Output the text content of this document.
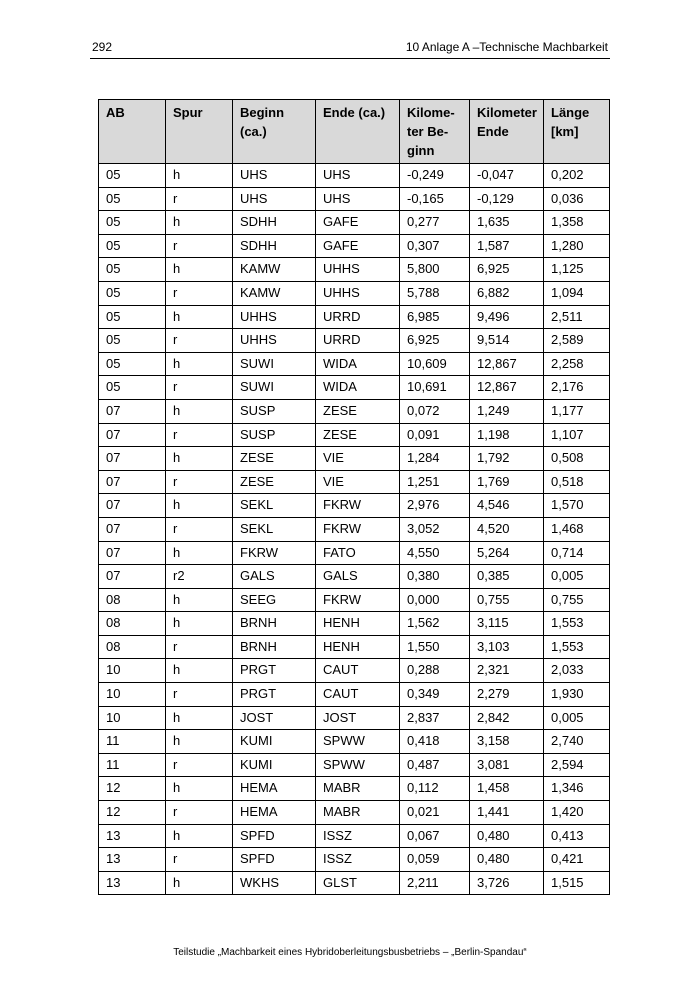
292	10 Anlage A –Technische Machbarkeit
AB	Spur	Beginn (ca.)	Ende (ca.)	Kilome-ter Be-ginn	Kilometer Ende	Länge [km]
05	h	UHS	UHS	-0,249	-0,047	0,202
05	r	UHS	UHS	-0,165	-0,129	0,036
05	h	SDHH	GAFE	0,277	1,635	1,358
05	r	SDHH	GAFE	0,307	1,587	1,280
05	h	KAMW	UHHS	5,800	6,925	1,125
05	r	KAMW	UHHS	5,788	6,882	1,094
05	h	UHHS	URRD	6,985	9,496	2,511
05	r	UHHS	URRD	6,925	9,514	2,589
05	h	SUWI	WIDA	10,609	12,867	2,258
05	r	SUWI	WIDA	10,691	12,867	2,176
07	h	SUSP	ZESE	0,072	1,249	1,177
07	r	SUSP	ZESE	0,091	1,198	1,107
07	h	ZESE	VIE	1,284	1,792	0,508
07	r	ZESE	VIE	1,251	1,769	0,518
07	h	SEKL	FKRW	2,976	4,546	1,570
07	r	SEKL	FKRW	3,052	4,520	1,468
07	h	FKRW	FATO	4,550	5,264	0,714
07	r2	GALS	GALS	0,380	0,385	0,005
08	h	SEEG	FKRW	0,000	0,755	0,755
08	h	BRNH	HENH	1,562	3,115	1,553
08	r	BRNH	HENH	1,550	3,103	1,553
10	h	PRGT	CAUT	0,288	2,321	2,033
10	r	PRGT	CAUT	0,349	2,279	1,930
10	h	JOST	JOST	2,837	2,842	0,005
11	h	KUMI	SPWW	0,418	3,158	2,740
11	r	KUMI	SPWW	0,487	3,081	2,594
12	h	HEMA	MABR	0,112	1,458	1,346
12	r	HEMA	MABR	0,021	1,441	1,420
13	h	SPFD	ISSZ	0,067	0,480	0,413
13	r	SPFD	ISSZ	0,059	0,480	0,421
13	h	WKHS	GLST	2,211	3,726	1,515
Teilstudie „Machbarkeit eines Hybridoberleitungsbusbetriebs – „Berlin-Spandau“
